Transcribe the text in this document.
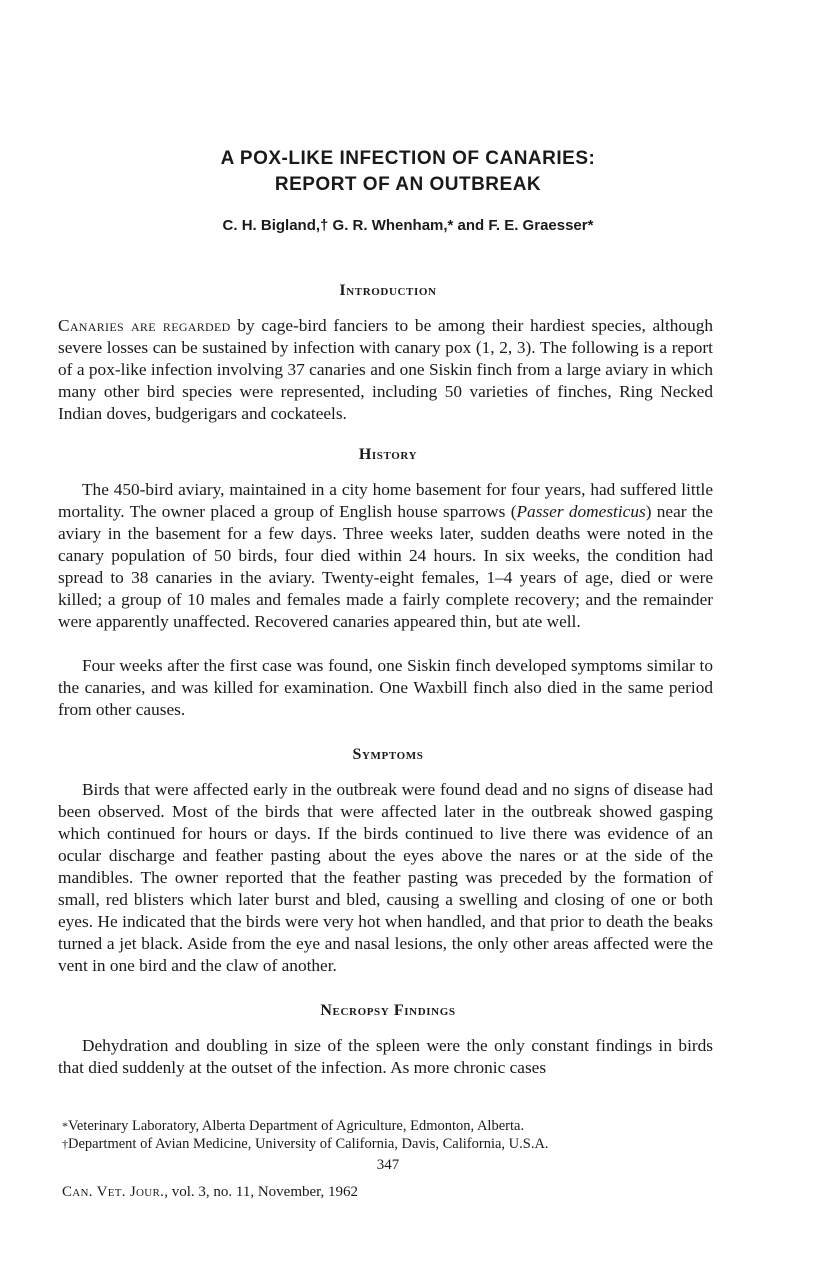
A POX-LIKE INFECTION OF CANARIES:
REPORT OF AN OUTBREAK

C. H. Bigland,† G. R. Whenham,* and F. E. Graesser*

Introduction

Canaries are regarded by cage-bird fanciers to be among their hardiest species, although severe losses can be sustained by infection with canary pox (1, 2, 3). The following is a report of a pox-like infection involving 37 canaries and one Siskin finch from a large aviary in which many other bird species were represented, including 50 varieties of finches, Ring Necked Indian doves, budgerigars and cockateels.

History

The 450-bird aviary, maintained in a city home basement for four years, had suffered little mortality. The owner placed a group of English house sparrows (Passer domesticus) near the aviary in the basement for a few days. Three weeks later, sudden deaths were noted in the canary population of 50 birds, four died within 24 hours. In six weeks, the condition had spread to 38 canaries in the aviary. Twenty-eight females, 1–4 years of age, died or were killed; a group of 10 males and females made a fairly complete recovery; and the remainder were apparently unaffected. Recovered canaries appeared thin, but ate well.

Four weeks after the first case was found, one Siskin finch developed symptoms similar to the canaries, and was killed for examination. One Waxbill finch also died in the same period from other causes.

Symptoms

Birds that were affected early in the outbreak were found dead and no signs of disease had been observed. Most of the birds that were affected later in the outbreak showed gasping which continued for hours or days. If the birds continued to live there was evidence of an ocular discharge and feather pasting about the eyes above the nares or at the side of the mandibles. The owner reported that the feather pasting was preceded by the formation of small, red blisters which later burst and bled, causing a swelling and closing of one or both eyes. He indicated that the birds were very hot when handled, and that prior to death the beaks turned a jet black. Aside from the eye and nasal lesions, the only other areas affected were the vent in one bird and the claw of another.

Necropsy Findings

Dehydration and doubling in size of the spleen were the only constant findings in birds that died suddenly at the outset of the infection. As more chronic cases

*Veterinary Laboratory, Alberta Department of Agriculture, Edmonton, Alberta.

†Department of Avian Medicine, University of California, Davis, California, U.S.A.

347

Can. Vet. Jour., vol. 3, no. 11, November, 1962
